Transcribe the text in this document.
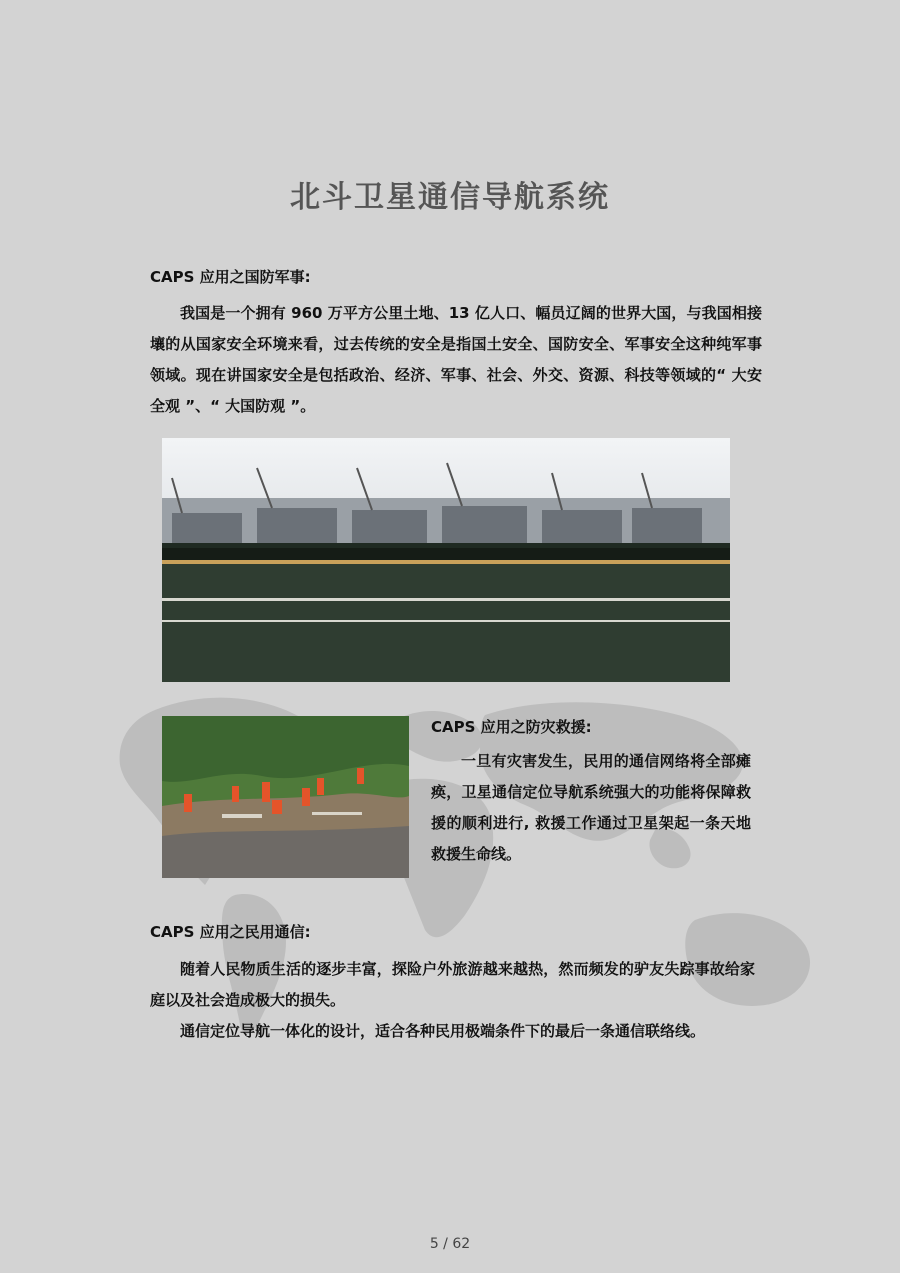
北斗卫星通信导航系统
CAPS 应用之国防军事:

我国是一个拥有 960 万平方公里土地、13 亿人口、幅员辽阔的世界大国，与我国相接壤的从国家安全环境来看，过去传统的安全是指国土安全、国防安全、军事安全这种纯军事领域。现在讲国家安全是包括政治、经济、军事、社会、外交、资源、科技等领域的“ 大安全观 ”、“ 大国防观 ”。

CAPS 应用之防灾救援:

一旦有灾害发生，民用的通信网络将全部瘫痪，卫星通信定位导航系统强大的功能将保障救援的顺利进行, 救援工作通过卫星架起一条天地救援生命线。

CAPS 应用之民用通信:

随着人民物质生活的逐步丰富，探险户外旅游越来越热，然而频发的驴友失踪事故给家庭以及社会造成极大的损失。

通信定位导航一体化的设计，适合各种民用极端条件下的最后一条通信联络线。

5 / 62
